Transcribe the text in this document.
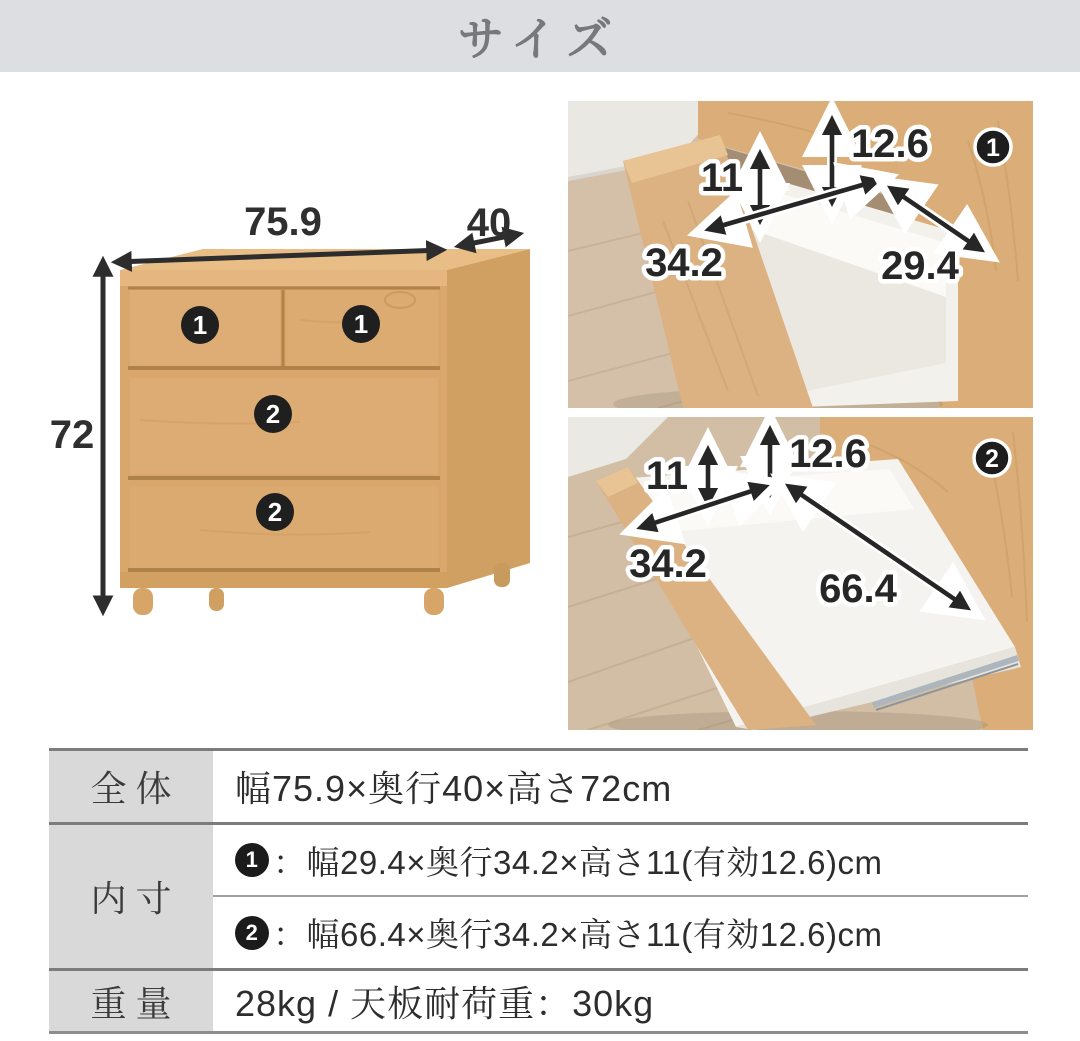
サイズ
1	1
2
2
75.9	40
72
11
12.6
34.2	29.4
1
11	12.6
34.2
66.4
2
全体	幅75.9×奥行40×高さ72cm
内寸
1 ：幅29.4×奥行34.2×高さ11(有効12.6)cm
2 ：幅66.4×奥行34.2×高さ11(有効12.6)cm
重量	28kg / 天板耐荷重：30kg
